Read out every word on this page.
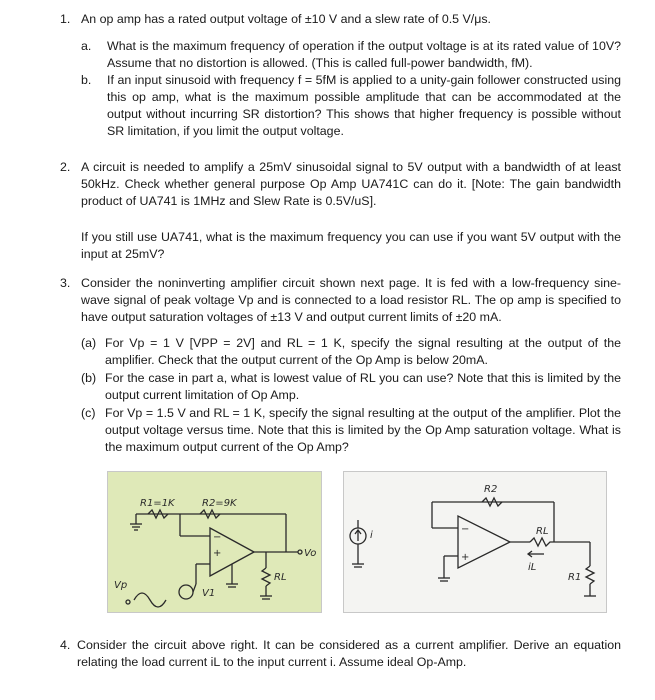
1. An op amp has a rated output voltage of ±10 V and a slew rate of 0.5 V/μs.
a. What is the maximum frequency of operation if the output voltage is at its rated value of 10V? Assume that no distortion is allowed. (This is called full-power bandwidth, fM).
b. If an input sinusoid with frequency f = 5fM is applied to a unity-gain follower constructed using this op amp, what is the maximum possible amplitude that can be accommodated at the output without incurring SR distortion? This shows that higher frequency is possible without SR limitation, if you limit the output voltage.
2. A circuit is needed to amplify a 25mV sinusoidal signal to 5V output with a bandwidth of at least 50kHz. Check whether general purpose Op Amp UA741C can do it. [Note: The gain bandwidth product of UA741 is 1MHz and Slew Rate is 0.5V/uS].
If you still use UA741, what is the maximum frequency you can use if you want 5V output with the input at 25mV?
3. Consider the noninverting amplifier circuit shown next page. It is fed with a low-frequency sine-wave signal of peak voltage Vp and is connected to a load resistor RL. The op amp is specified to have output saturation voltages of ±13 V and output current limits of ±20 mA.
(a) For Vp = 1 V [VPP = 2V] and RL = 1 K, specify the signal resulting at the output of the amplifier. Check that the output current of the Op Amp is below 20mA.
(b) For the case in part a, what is lowest value of RL you can use? Note that this is limited by the output current limitation of Op Amp.
(c) For Vp = 1.5 V and RL = 1 K, specify the signal resulting at the output of the amplifier. Plot the output voltage versus time. Note that this is limited by the Op Amp saturation voltage. What is the maximum output current of the Op Amp?
R1=1K	R2=9K
Vo
RL
Vp
V1
+
−
R2
RL
iL
R1
i
+
−
4. Consider the circuit above right. It can be considered as a current amplifier. Derive an equation relating the load current iL to the input current i. Assume ideal Op-Amp.
